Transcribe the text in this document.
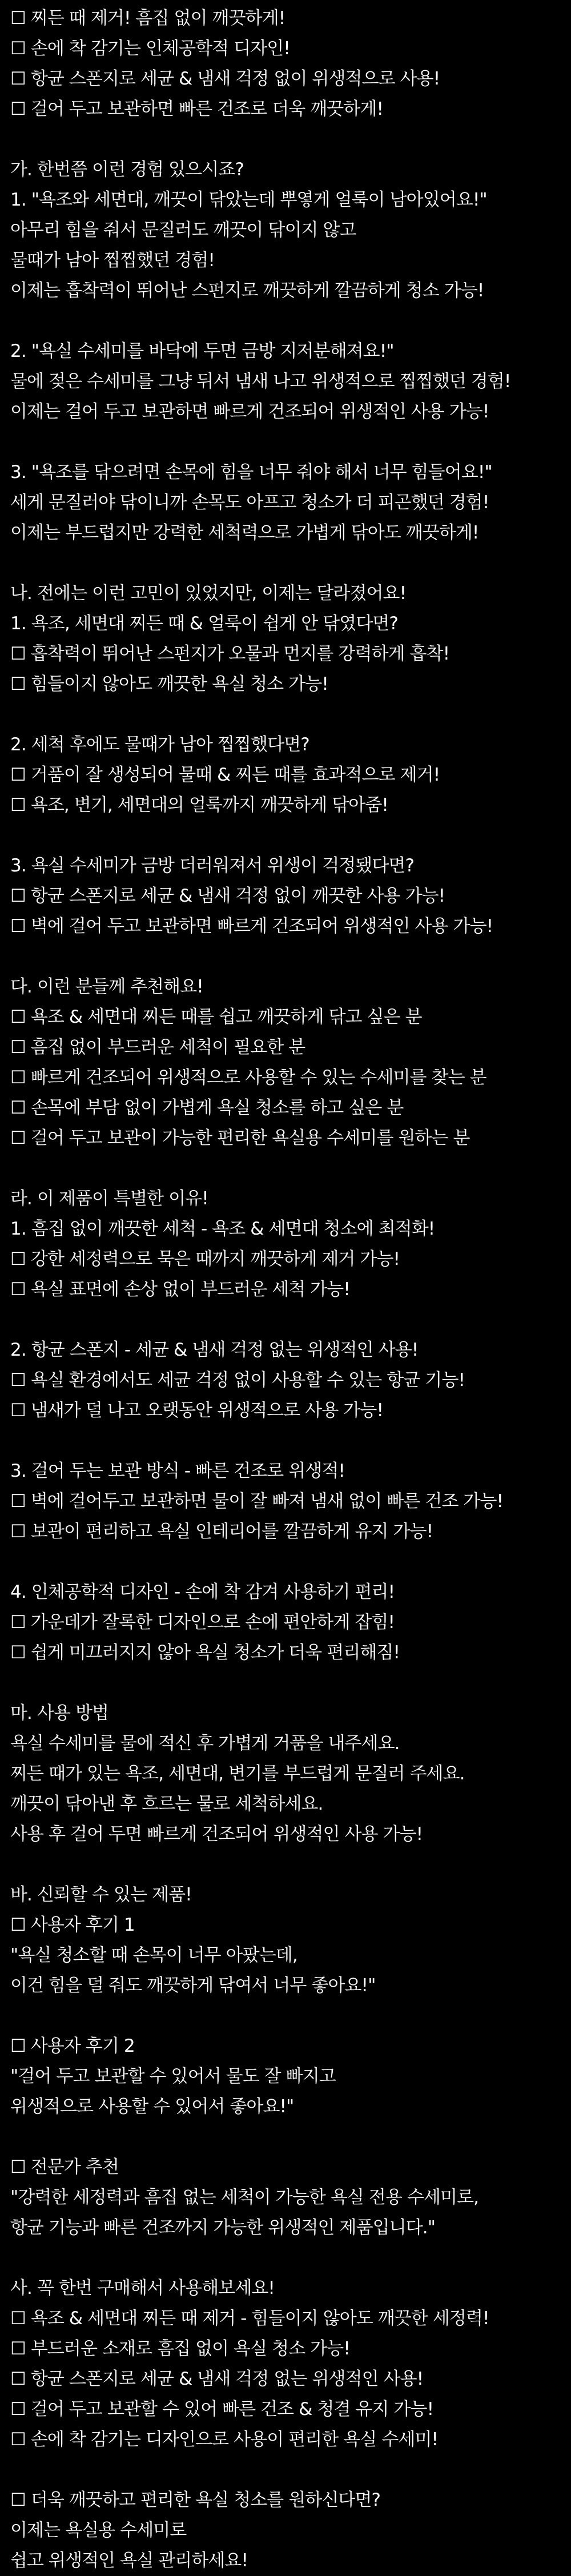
☐ 찌든 때 제거! 흠집 없이 깨끗하게!
☐ 손에 착 감기는 인체공학적 디자인!
☐ 항균 스폰지로 세균 & 냄새 걱정 없이 위생적으로 사용!
☐ 걸어 두고 보관하면 빠른 건조로 더욱 깨끗하게!
가. 한번쯤 이런 경험 있으시죠?
1. "욕조와 세면대, 깨끗이 닦았는데 뿌옇게 얼룩이 남아있어요!"
아무리 힘을 줘서 문질러도 깨끗이 닦이지 않고
물때가 남아 찝찝했던 경험!
이제는 흡착력이 뛰어난 스펀지로 깨끗하게 깔끔하게 청소 가능!
2. "욕실 수세미를 바닥에 두면 금방 지저분해져요!"
물에 젖은 수세미를 그냥 뒤서 냄새 나고 위생적으로 찝찝했던 경험!
이제는 걸어 두고 보관하면 빠르게 건조되어 위생적인 사용 가능!
3. "욕조를 닦으려면 손목에 힘을 너무 줘야 해서 너무 힘들어요!"
세게 문질러야 닦이니까 손목도 아프고 청소가 더 피곤했던 경험!
이제는 부드럽지만 강력한 세척력으로 가볍게 닦아도 깨끗하게!
나. 전에는 이런 고민이 있었지만, 이제는 달라졌어요!
1. 욕조, 세면대 찌든 때 & 얼룩이 쉽게 안 닦였다면?
☐ 흡착력이 뛰어난 스펀지가 오물과 먼지를 강력하게 흡착!
☐ 힘들이지 않아도 깨끗한 욕실 청소 가능!
2. 세척 후에도 물때가 남아 찝찝했다면?
☐ 거품이 잘 생성되어 물때 & 찌든 때를 효과적으로 제거!
☐ 욕조, 변기, 세면대의 얼룩까지 깨끗하게 닦아줌!
3. 욕실 수세미가 금방 더러워져서 위생이 걱정됐다면?
☐ 항균 스폰지로 세균 & 냄새 걱정 없이 깨끗한 사용 가능!
☐ 벽에 걸어 두고 보관하면 빠르게 건조되어 위생적인 사용 가능!
다. 이런 분들께 추천해요!
☐ 욕조 & 세면대 찌든 때를 쉽고 깨끗하게 닦고 싶은 분
☐ 흠집 없이 부드러운 세척이 필요한 분
☐ 빠르게 건조되어 위생적으로 사용할 수 있는 수세미를 찾는 분
☐ 손목에 부담 없이 가볍게 욕실 청소를 하고 싶은 분
☐ 걸어 두고 보관이 가능한 편리한 욕실용 수세미를 원하는 분
라. 이 제품이 특별한 이유!
1. 흠집 없이 깨끗한 세척 - 욕조 & 세면대 청소에 최적화!
☐ 강한 세정력으로 묵은 때까지 깨끗하게 제거 가능!
☐ 욕실 표면에 손상 없이 부드러운 세척 가능!
2. 항균 스폰지 - 세균 & 냄새 걱정 없는 위생적인 사용!
☐ 욕실 환경에서도 세균 걱정 없이 사용할 수 있는 항균 기능!
☐ 냄새가 덜 나고 오랫동안 위생적으로 사용 가능!
3. 걸어 두는 보관 방식 - 빠른 건조로 위생적!
☐ 벽에 걸어두고 보관하면 물이 잘 빠져 냄새 없이 빠른 건조 가능!
☐ 보관이 편리하고 욕실 인테리어를 깔끔하게 유지 가능!
4. 인체공학적 디자인 - 손에 착 감겨 사용하기 편리!
☐ 가운데가 잘록한 디자인으로 손에 편안하게 잡힘!
☐ 쉽게 미끄러지지 않아 욕실 청소가 더욱 편리해짐!
마. 사용 방법
욕실 수세미를 물에 적신 후 가볍게 거품을 내주세요.
찌든 때가 있는 욕조, 세면대, 변기를 부드럽게 문질러 주세요.
깨끗이 닦아낸 후 흐르는 물로 세척하세요.
사용 후 걸어 두면 빠르게 건조되어 위생적인 사용 가능!
바. 신뢰할 수 있는 제품!
☐ 사용자 후기 1
"욕실 청소할 때 손목이 너무 아팠는데,
이건 힘을 덜 줘도 깨끗하게 닦여서 너무 좋아요!"
☐ 사용자 후기 2
"걸어 두고 보관할 수 있어서 물도 잘 빠지고
위생적으로 사용할 수 있어서 좋아요!"
☐ 전문가 추천
"강력한 세정력과 흠집 없는 세척이 가능한 욕실 전용 수세미로,
항균 기능과 빠른 건조까지 가능한 위생적인 제품입니다."
사. 꼭 한번 구매해서 사용해보세요!
☐ 욕조 & 세면대 찌든 때 제거 - 힘들이지 않아도 깨끗한 세정력!
☐ 부드러운 소재로 흠집 없이 욕실 청소 가능!
☐ 항균 스폰지로 세균 & 냄새 걱정 없는 위생적인 사용!
☐ 걸어 두고 보관할 수 있어 빠른 건조 & 청결 유지 가능!
☐ 손에 착 감기는 디자인으로 사용이 편리한 욕실 수세미!
☐ 더욱 깨끗하고 편리한 욕실 청소를 원하신다면?
이제는 욕실용 수세미로
쉽고 위생적인 욕실 관리하세요!
